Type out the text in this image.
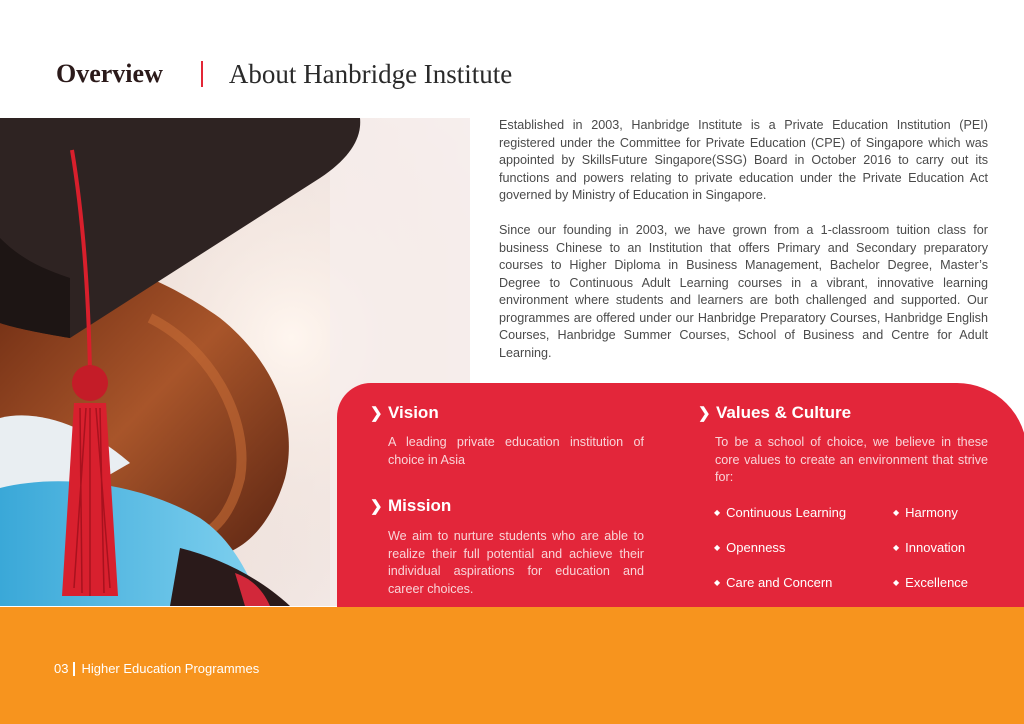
Overview About Hanbridge Institute

Established in 2003, Hanbridge Institute is a Private Education Institution (PEI) registered under the Committee for Private Education (CPE) of Singapore which was appointed by SkillsFuture Singapore(SSG) Board in October 2016 to carry out its functions and powers relating to private education under the Private Education Act governed by Ministry of Education in Singapore.

Since our founding in 2003, we have grown from a 1-classroom tuition class for business Chinese to an Institution that offers Primary and Secondary preparatory courses to Higher Diploma in Business Management, Bachelor Degree, Master’s Degree to Continuous Adult Learning courses in a vibrant, innovative learning environment where students and learners are both challenged and supported. Our programmes are offered under our Hanbridge Preparatory Courses, Hanbridge English Courses, Hanbridge Summer Courses, School of Business and Centre for Adult Learning.

❯ Vision
A leading private education institution of choice in Asia
❯ Mission
We aim to nurture students who are able to realize their full potential and achieve their individual aspirations for education and career choices.
❯ Values & Culture
To be a school of choice, we believe in these core values to create an environment that strive for:
◆ Continuous Learning	◆ Harmony
◆ Openness	◆ Innovation
◆ Care and Concern	◆ Excellence
03 Higher Education Programmes
